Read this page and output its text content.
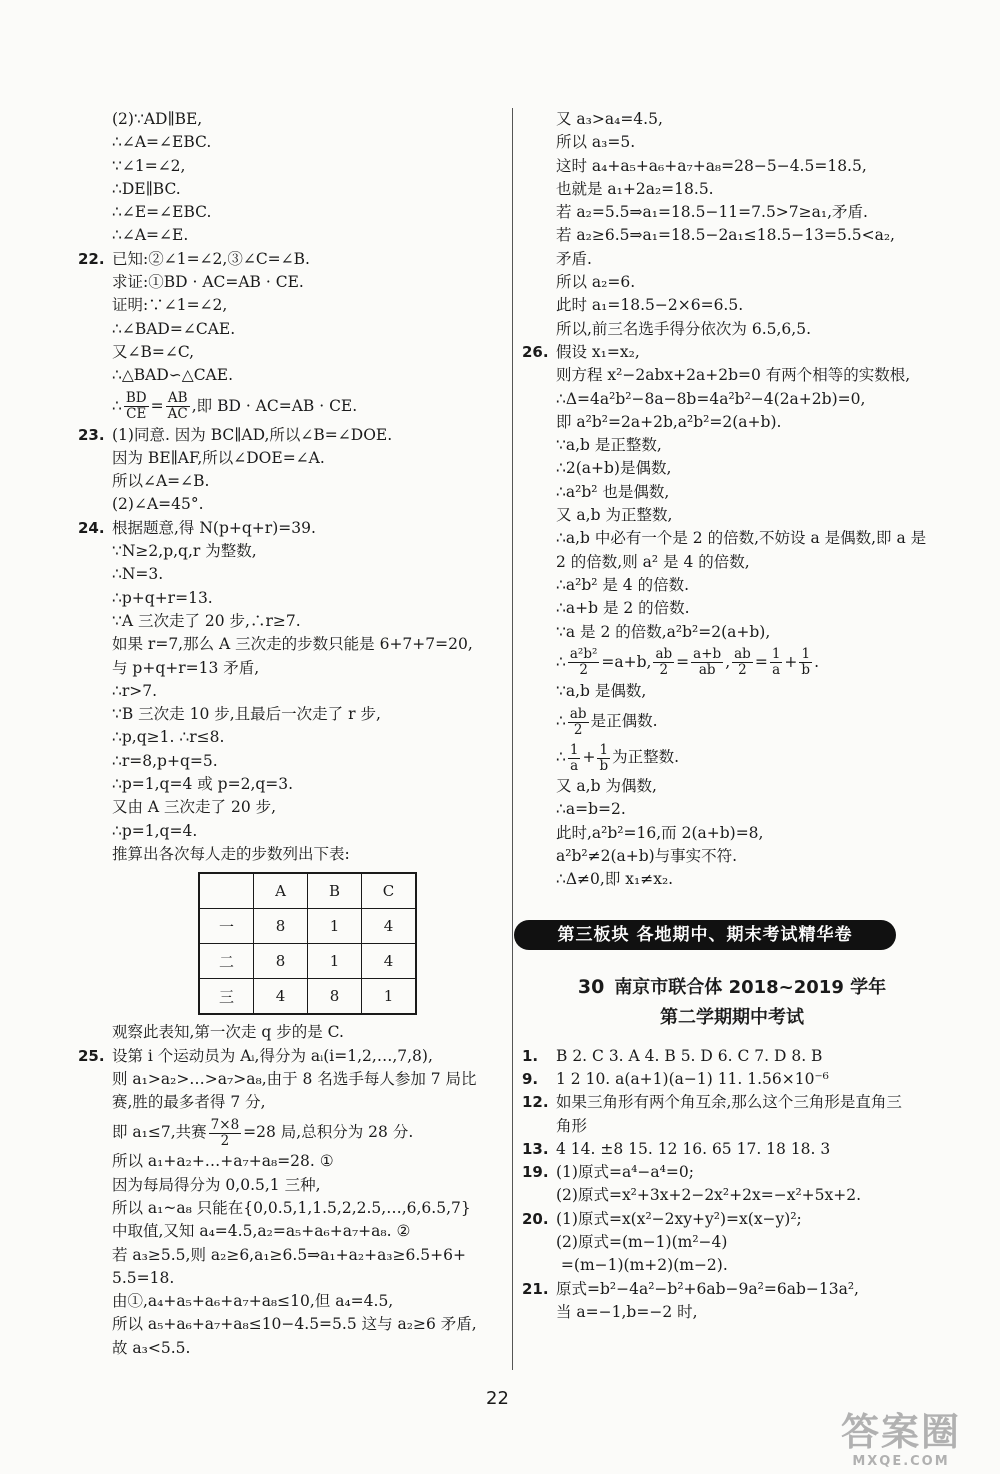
(2)∵AD∥BE,
∴∠A=∠EBC.
∵∠1=∠2,
∴DE∥BC.
∴∠E=∠EBC.
∴∠A=∠E.
22. 已知:②∠1=∠2,③∠C=∠B.
求证:①BD · AC=AB · CE.
证明:∵∠1=∠2,
∴∠BAD=∠CAE.
又∠B=∠C,
∴△BAD∽△CAE.
∴ $\frac{BD}{CE} = \frac{AB}{AC}$ ,即 BD · AC=AB · CE.
23. (1)同意. 因为 BC∥AD,所以∠B=∠DOE.
因为 BE∥AF,所以∠DOE=∠A.
所以∠A=∠B.
(2)∠A=45°.
24. 根据题意,得 N(p+q+r)=39.
∵N≥2,p,q,r 为整数,
∴N=3.
∴p+q+r=13.
∵A 三次走了 20 步,∴r≥7.
如果 r=7,那么 A 三次走的步数只能是 6+7+7=20,
与 p+q+r=13 矛盾,
∴r>7.
∵B 三次走 10 步,且最后一次走了 r 步,
∴p,q≥1. ∴r≤8.
∴r=8,p+q=5.
∴p=1,q=4 或 p=2,q=3.
又由 A 三次走了 20 步,
∴p=1,q=4.
推算出各次每人走的步数列出下表:
	A	B	C
一	8	1	4
二	8	1	4
三	4	8	1
观察此表知,第一次走 q 步的是 C.
25. 设第 i 个运动员为 Aᵢ,得分为 aᵢ(i=1,2,…,7,8),
则 a₁>a₂>…>a₇>a₈,由于 8 名选手每人参加 7 局比
赛,胜的最多者得 7 分,
即 a₁≤7,共赛 $\frac{7\times 8}{2} =28$ 局,总积分为 28 分.
所以 a₁+a₂+…+a₇+a₈=28. ①
因为每局得分为 0,0.5,1 三种,
所以 a₁~a₈ 只能在{0,0.5,1,1.5,2,2.5,…,6,6.5,7}
中取值,又知 a₄=4.5,a₂=a₅+a₆+a₇+a₈. ②
若 a₃≥5.5,则 a₂≥6,a₁≥6.5⇒a₁+a₂+a₃≥6.5+6+
5.5=18.
由①,a₄+a₅+a₆+a₇+a₈≤10,但 a₄=4.5,
所以 a₅+a₆+a₇+a₈≤10−4.5=5.5 这与 a₂≥6 矛盾,
故 a₃<5.5.
又 a₃>a₄=4.5,
所以 a₃=5.
这时 a₄+a₅+a₆+a₇+a₈=28−5−4.5=18.5,
也就是 a₁+2a₂=18.5.
若 a₂=5.5⇒a₁=18.5−11=7.5>7≥a₁,矛盾.
若 a₂≥6.5⇒a₁=18.5−2a₁≤18.5−13=5.5<a₂,
矛盾.
所以 a₂=6.
此时 a₁=18.5−2×6=6.5.
所以,前三名选手得分依次为 6.5,6,5.
26. 假设 x₁=x₂,
则方程 x²−2abx+2a+2b=0 有两个相等的实数根,
∴Δ=4a²b²−8a−8b=4a²b²−4(2a+2b)=0,
即 a²b²=2a+2b,a²b²=2(a+b).
∵a,b 是正整数,
∴2(a+b)是偶数,
∴a²b² 也是偶数,
又 a,b 为正整数,
∴a,b 中必有一个是 2 的倍数,不妨设 a 是偶数,即 a 是
2 的倍数,则 a² 是 4 的倍数,
∴a²b² 是 4 的倍数.
∴a+b 是 2 的倍数.
∵a 是 2 的倍数,a²b²=2(a+b),
∴ $\frac{\text{a²b²}}{2} =a+b$, $\frac{ab}{2} = \frac{a+b}{ab}$ , $\frac{ab}{2} = \frac{1}{a} + \frac{1}{b}$ .
∵a,b 是偶数,
∴ $\frac{ab}{2}$ 是正偶数.
∴ $\frac{1}{a} + \frac{1}{b}$ 为正整数.
又 a,b 为偶数,
∴a=b=2.
此时,a²b²=16,而 2(a+b)=8,
a²b²≠2(a+b)与事实不符.
∴Δ≠0,即 x₁≠x₂.
第三板块 各地期中、期末考试精华卷
30 南京市联合体 2018~2019 学年
第二学期期中考试
1. B 2. C 3. A 4. B 5. D 6. C 7. D 8. B
9. 1 2 10. a(a+1)(a−1) 11. 1.56×10⁻⁶
12. 如果三角形有两个角互余,那么这个三角形是直角三
角形
13. 4 14. ±8 15. 12 16. 65 17. 18 18. 3
19. (1)原式=a⁴−a⁴=0;
(2)原式=x²+3x+2−2x²+2x=−x²+5x+2.
20. (1)原式=x(x²−2xy+y²)=x(x−y)²;
(2)原式=(m−1)(m²−4)
=(m−1)(m+2)(m−2).
21. 原式=b²−4a²−b²+6ab−9a²=6ab−13a²,
当 a=−1,b=−2 时,
22
答案圈
MXQE.COM
